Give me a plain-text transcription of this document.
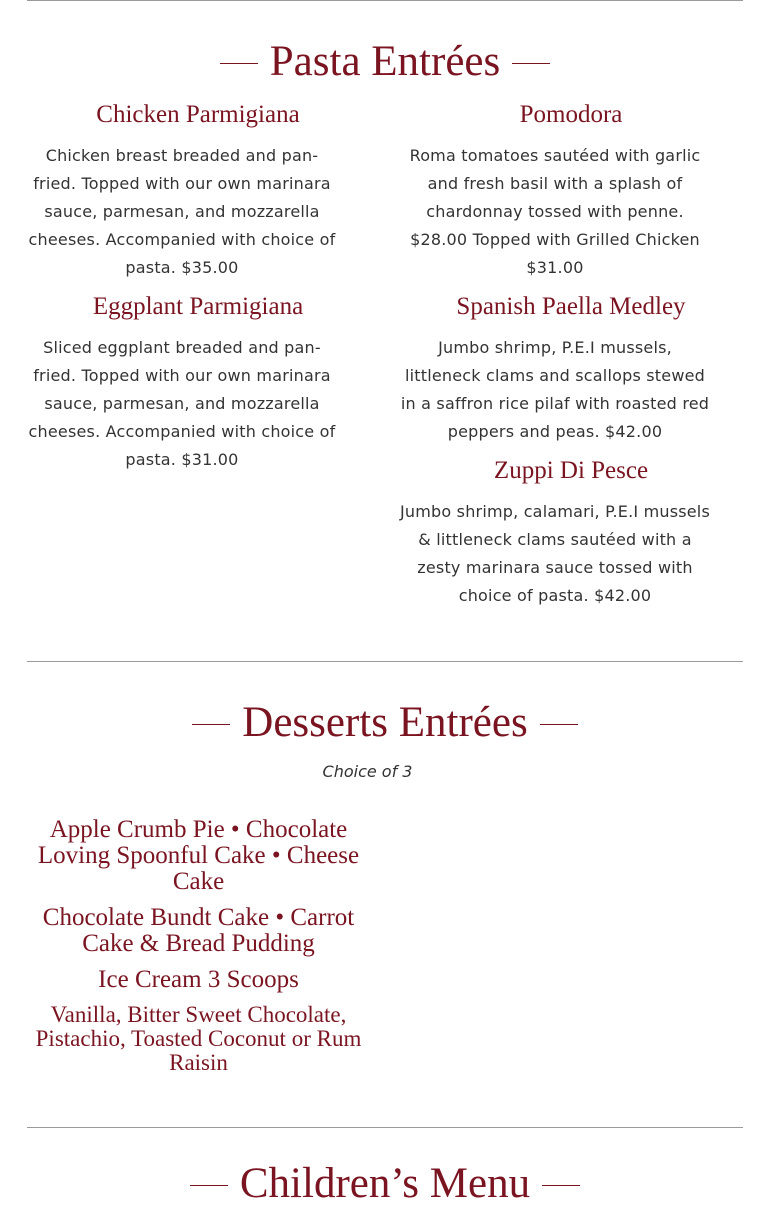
Pasta Entrées
Chicken Parmigiana
Chicken breast breaded and pan-fried. Topped with our own marinara sauce, parmesan, and mozzarella cheeses. Accompanied with choice of pasta. $35.00
Pomodora
Roma tomatoes sautéed with garlic and fresh basil with a splash of chardonnay tossed with penne. $28.00 Topped with Grilled Chicken $31.00
Eggplant Parmigiana
Sliced eggplant breaded and pan-fried. Topped with our own marinara sauce, parmesan, and mozzarella cheeses. Accompanied with choice of pasta. $31.00
Spanish Paella Medley
Jumbo shrimp, P.E.I mussels, littleneck clams and scallops stewed in a saffron rice pilaf with roasted red peppers and peas. $42.00
Zuppi Di Pesce
Jumbo shrimp, calamari, P.E.I mussels & littleneck clams sautéed with a zesty marinara sauce tossed with choice of pasta. $42.00
Desserts Entrées
Choice of 3
Apple Crumb Pie • Chocolate Loving Spoonful Cake • Cheese Cake
Chocolate Bundt Cake • Carrot Cake & Bread Pudding
Ice Cream 3 Scoops
Vanilla, Bitter Sweet Chocolate, Pistachio, Toasted Coconut or Rum Raisin
Children’s Menu
